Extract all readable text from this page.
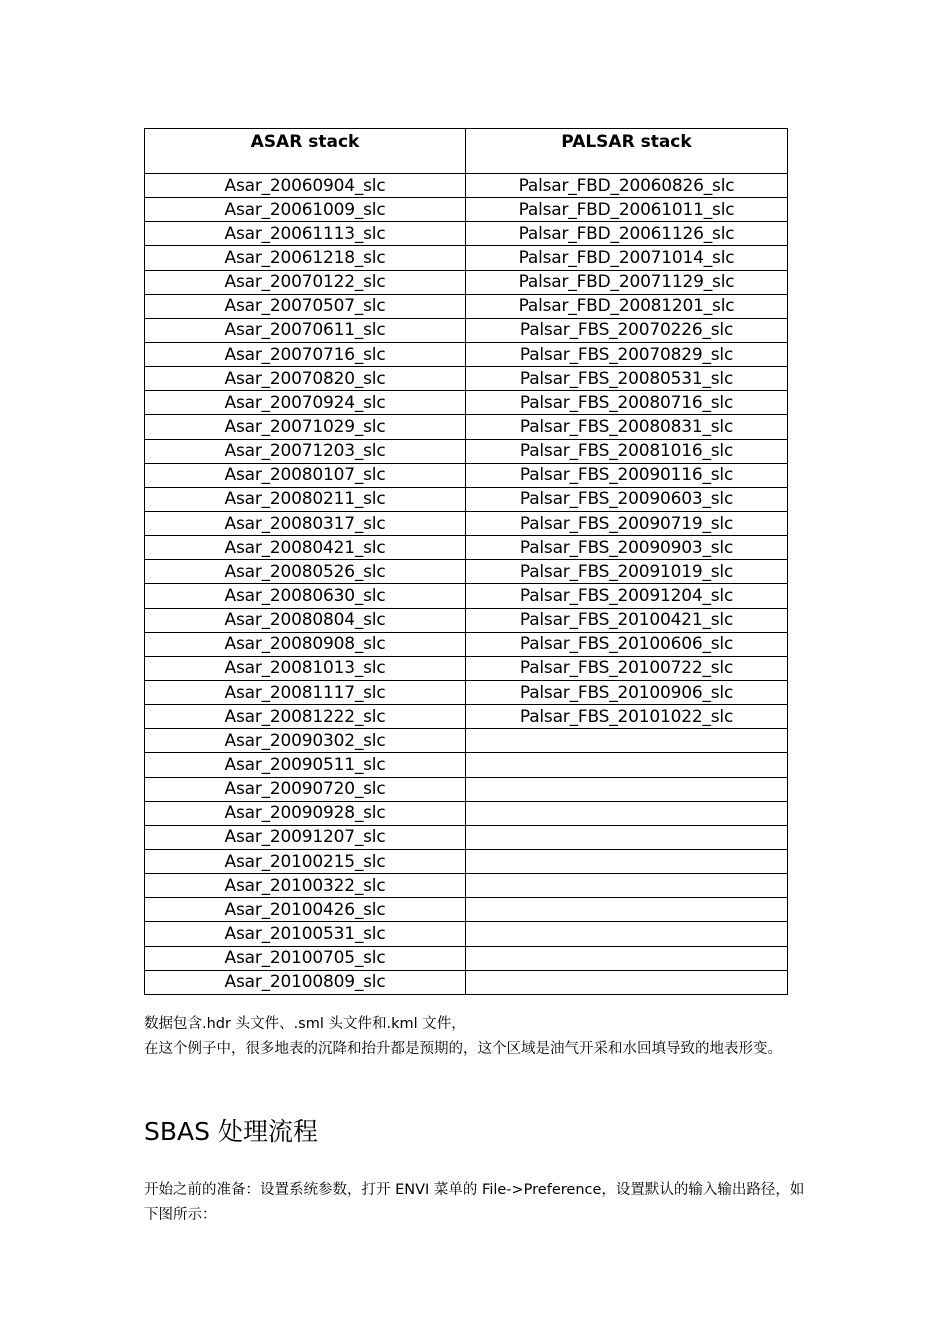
ASAR stack	PALSAR stack
Asar_20060904_slc	Palsar_FBD_20060826_slc
Asar_20061009_slc	Palsar_FBD_20061011_slc
Asar_20061113_slc	Palsar_FBD_20061126_slc
Asar_20061218_slc	Palsar_FBD_20071014_slc
Asar_20070122_slc	Palsar_FBD_20071129_slc
Asar_20070507_slc	Palsar_FBD_20081201_slc
Asar_20070611_slc	Palsar_FBS_20070226_slc
Asar_20070716_slc	Palsar_FBS_20070829_slc
Asar_20070820_slc	Palsar_FBS_20080531_slc
Asar_20070924_slc	Palsar_FBS_20080716_slc
Asar_20071029_slc	Palsar_FBS_20080831_slc
Asar_20071203_slc	Palsar_FBS_20081016_slc
Asar_20080107_slc	Palsar_FBS_20090116_slc
Asar_20080211_slc	Palsar_FBS_20090603_slc
Asar_20080317_slc	Palsar_FBS_20090719_slc
Asar_20080421_slc	Palsar_FBS_20090903_slc
Asar_20080526_slc	Palsar_FBS_20091019_slc
Asar_20080630_slc	Palsar_FBS_20091204_slc
Asar_20080804_slc	Palsar_FBS_20100421_slc
Asar_20080908_slc	Palsar_FBS_20100606_slc
Asar_20081013_slc	Palsar_FBS_20100722_slc
Asar_20081117_slc	Palsar_FBS_20100906_slc
Asar_20081222_slc	Palsar_FBS_20101022_slc
Asar_20090302_slc	
Asar_20090511_slc	
Asar_20090720_slc	
Asar_20090928_slc	
Asar_20091207_slc	
Asar_20100215_slc	
Asar_20100322_slc	
Asar_20100426_slc	
Asar_20100531_slc	
Asar_20100705_slc	
Asar_20100809_slc	

数据包含.hdr 头文件、.sml 头文件和.kml 文件，
在这个例子中，很多地表的沉降和抬升都是预期的，这个区域是油气开采和水回填导致的地表形变。

SBAS 处理流程

开始之前的准备：设置系统参数，打开 ENVI 菜单的 File->Preference，设置默认的输入输出路径，如下图所示：
